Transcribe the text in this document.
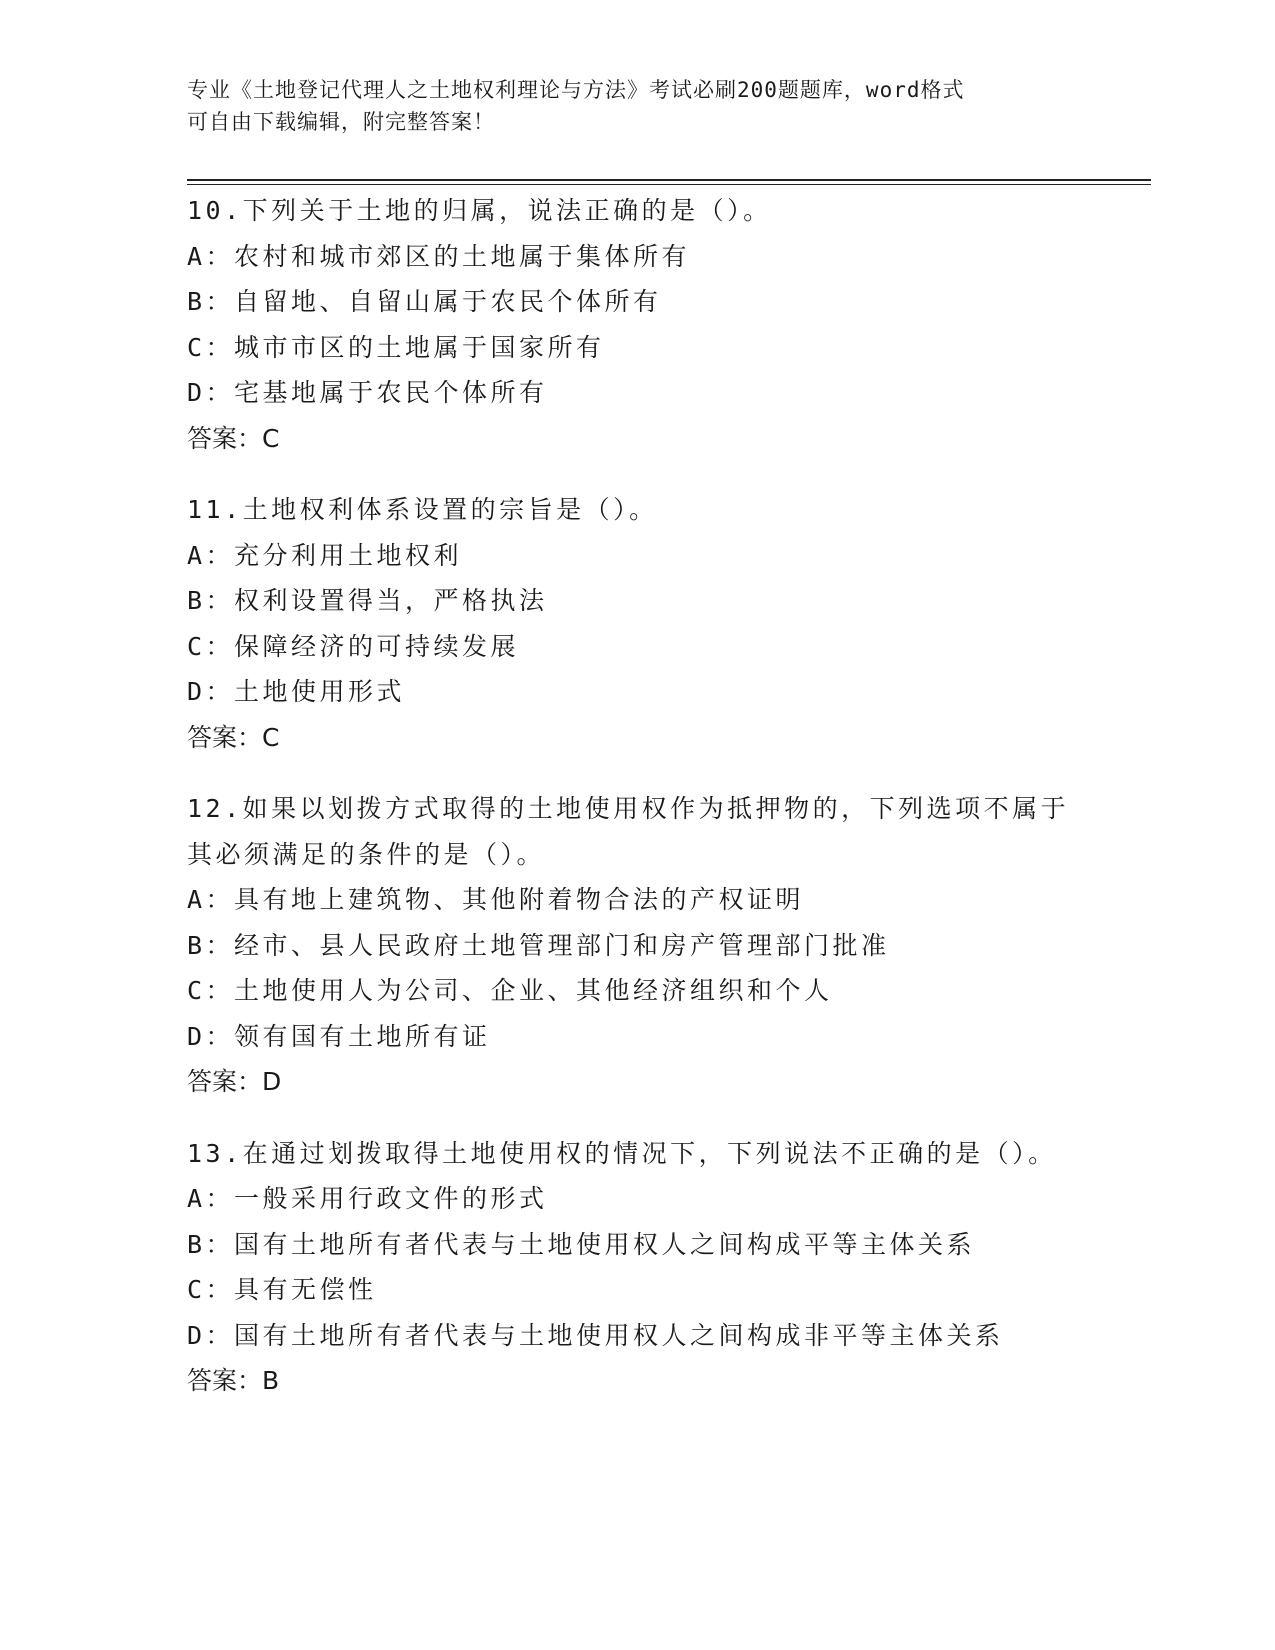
专业《土地登记代理人之土地权利理论与方法》考试必刷200题题库，word格式
可自由下载编辑，附完整答案！
10.下列关于土地的归属，说法正确的是（）。
A：农村和城市郊区的土地属于集体所有
B：自留地、自留山属于农民个体所有
C：城市市区的土地属于国家所有
D：宅基地属于农民个体所有
答案：C
11.土地权利体系设置的宗旨是（）。
A：充分利用土地权利
B：权利设置得当，严格执法
C：保障经济的可持续发展
D：土地使用形式
答案：C
12.如果以划拨方式取得的土地使用权作为抵押物的，下列选项不属于
其必须满足的条件的是（）。
A：具有地上建筑物、其他附着物合法的产权证明
B：经市、县人民政府土地管理部门和房产管理部门批准
C：土地使用人为公司、企业、其他经济组织和个人
D：领有国有土地所有证
答案：D
13.在通过划拨取得土地使用权的情况下，下列说法不正确的是（）。
A：一般采用行政文件的形式
B：国有土地所有者代表与土地使用权人之间构成平等主体关系
C：具有无偿性
D：国有土地所有者代表与土地使用权人之间构成非平等主体关系
答案：B
